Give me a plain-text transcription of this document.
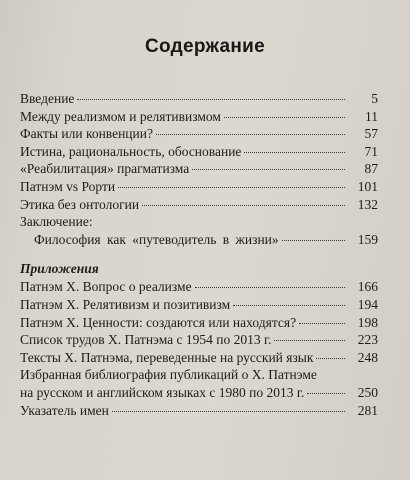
Содержание
Введение	5
Между реализмом и релятивизмом	11
Факты или конвенции?	57
Истина, рациональность, обоснование	71
«Реабилитация» прагматизма	87
Патнэм vs Рорти	101
Этика без онтологии	132
Заключение:
Философия как «путеводитель в жизни»	159
Приложения
Патнэм Х. Вопрос о реализме	166
Патнэм Х. Релятивизм и позитивизм	194
Патнэм Х. Ценности: создаются или находятся?	198
Список трудов Х. Патнэма с 1954 по 2013 г.	223
Тексты Х. Патнэма, переведенные на русский язык	248
Избранная библиография публикаций о Х. Патнэме
на русском и английском языках с 1980 по 2013 г.	250
Указатель имен	281
